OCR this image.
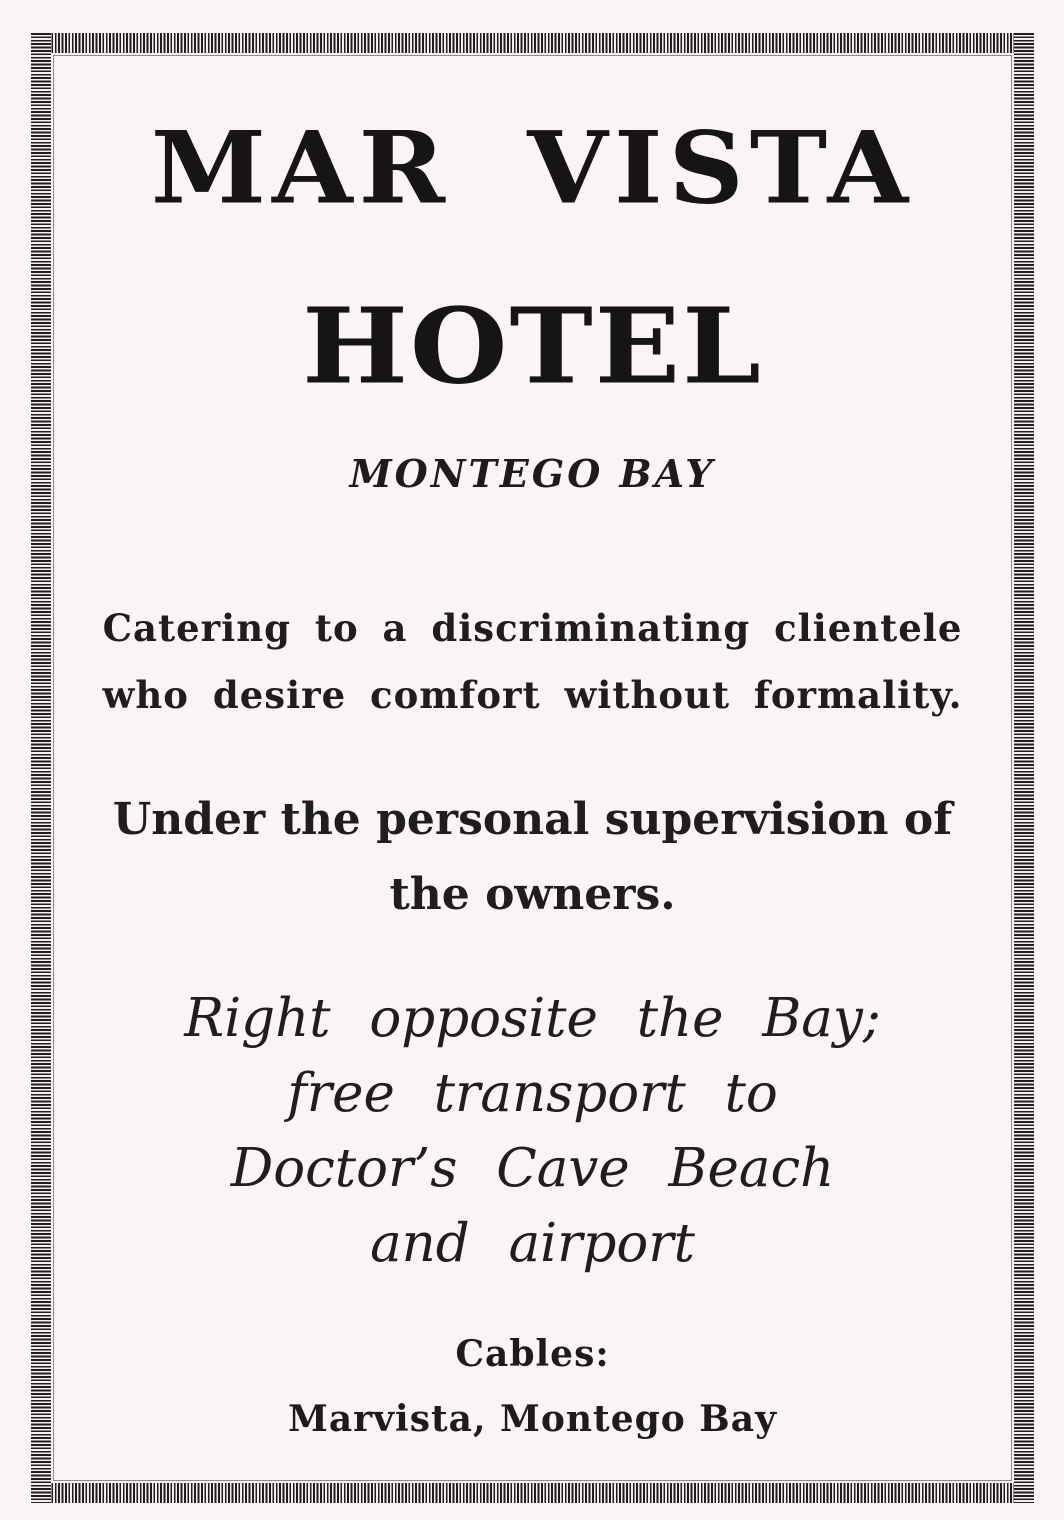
MAR VISTA
HOTEL
MONTEGO BAY
Catering to a discriminating clientele
who desire comfort without formality.
Under the personal supervision of
the owners.
Right opposite the Bay;
free transport to
Doctor’s Cave Beach
and airport
Cables:
Marvista, Montego Bay
